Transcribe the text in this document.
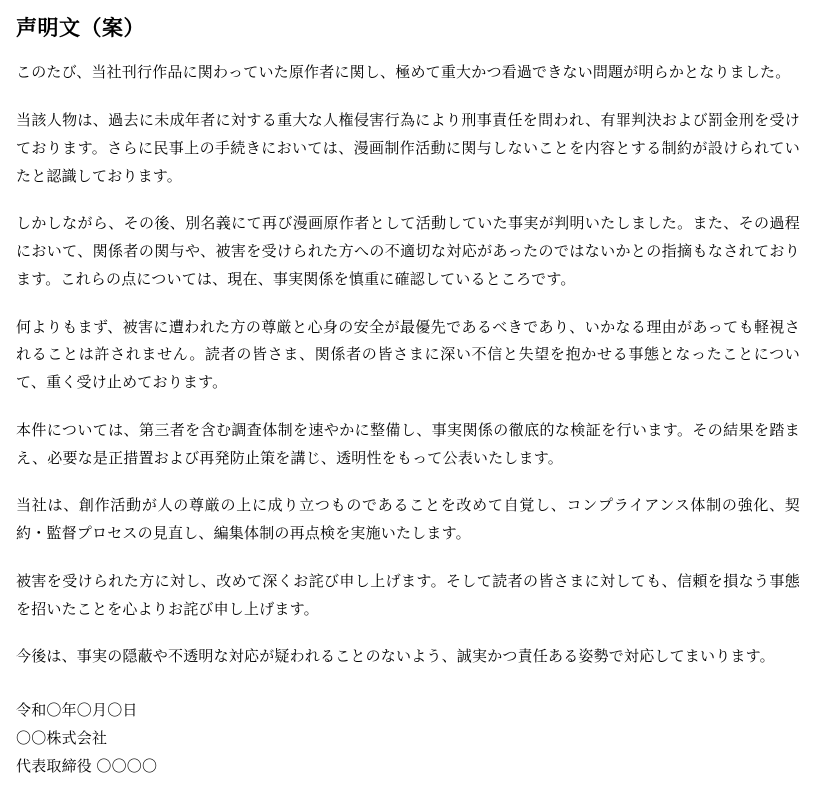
声明文（案）

このたび、当社刊行作品に関わっていた原作者に関し、極めて重大かつ看過できない問題が明らかとなりました。

当該人物は、過去に未成年者に対する重大な人権侵害行為により刑事責任を問われ、有罪判決および罰金刑を受けております。さらに民事上の手続きにおいては、漫画制作活動に関与しないことを内容とする制約が設けられていたと認識しております。

しかしながら、その後、別名義にて再び漫画原作者として活動していた事実が判明いたしました。また、その過程において、関係者の関与や、被害を受けられた方への不適切な対応があったのではないかとの指摘もなされております。これらの点については、現在、事実関係を慎重に確認しているところです。

何よりもまず、被害に遭われた方の尊厳と心身の安全が最優先であるべきであり、いかなる理由があっても軽視されることは許されません。読者の皆さま、関係者の皆さまに深い不信と失望を抱かせる事態となったことについて、重く受け止めております。

本件については、第三者を含む調査体制を速やかに整備し、事実関係の徹底的な検証を行います。その結果を踏まえ、必要な是正措置および再発防止策を講じ、透明性をもって公表いたします。

当社は、創作活動が人の尊厳の上に成り立つものであることを改めて自覚し、コンプライアンス体制の強化、契約・監督プロセスの見直し、編集体制の再点検を実施いたします。

被害を受けられた方に対し、改めて深くお詫び申し上げます。そして読者の皆さまに対しても、信頼を損なう事態を招いたことを心よりお詫び申し上げます。

今後は、事実の隠蔽や不透明な対応が疑われることのないよう、誠実かつ責任ある姿勢で対応してまいります。

令和〇年〇月〇日
〇〇株式会社
代表取締役 〇〇〇〇
